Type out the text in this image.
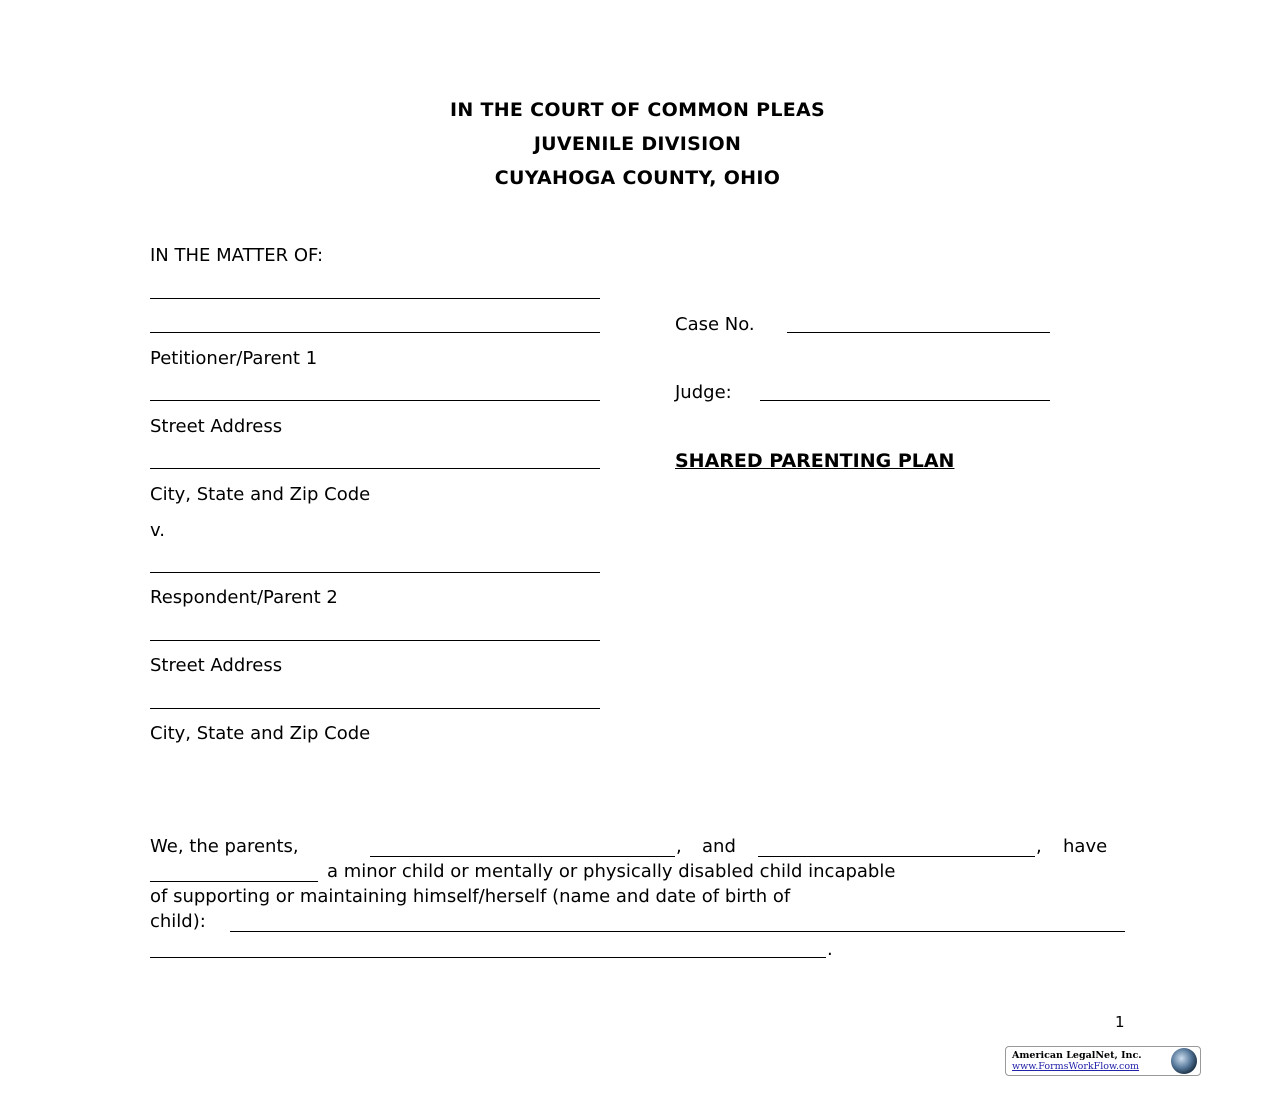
IN THE COURT OF COMMON PLEAS
JUVENILE DIVISION
CUYAHOGA COUNTY, OHIO
IN THE MATTER OF:
Petitioner/Parent 1
Street Address
City, State and Zip Code
v.
Respondent/Parent 2
Street Address
City, State and Zip Code
Case No.
Judge:
SHARED PARENTING PLAN
We, the parents,	, and	, have
a minor child or mentally or physically disabled child incapable
of supporting or maintaining himself/herself (name and date of birth of
child):
.
1
American LegalNet, Inc.
www.FormsWorkFlow.com
